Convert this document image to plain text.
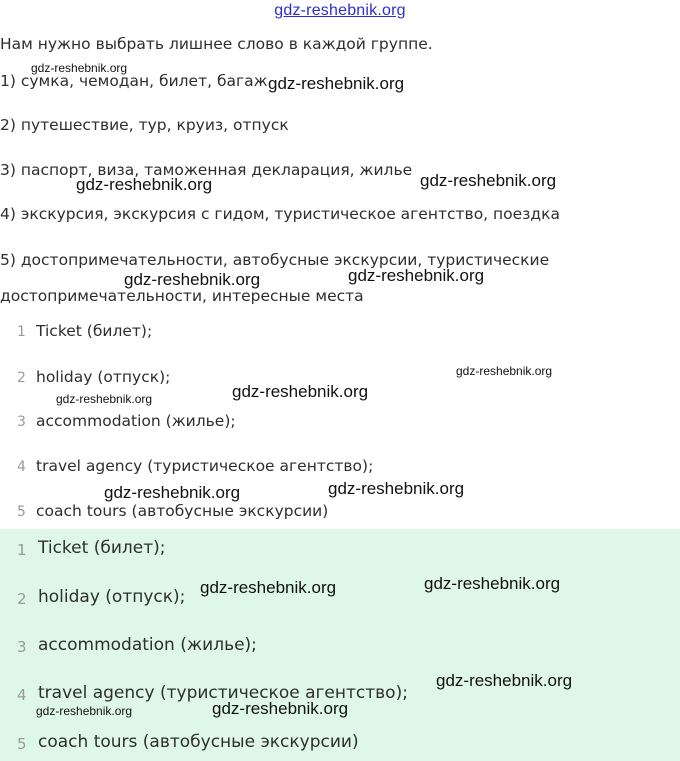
gdz-reshebnik.org
Нам нужно выбрать лишнее слово в каждой группе.
1) сумка, чемодан, билет, багаж
2) путешествие, тур, круиз, отпуск
3) паспорт, виза, таможенная декларация, жилье
4) экскурсия, экскурсия с гидом, туристическое агентство, поездка
5) достопримечательности, автобусные экскурсии, туристические
достопримечательности, интересные места
1 Ticket (билет);
2 holiday (отпуск);
3 accommodation (жилье);
4 travel agency (туристическое агентство);
5 coach tours (автобусные экскурсии)
1 Ticket (билет);
2 holiday (отпуск);
3 accommodation (жилье);
4 travel agency (туристическое агентство);
5 coach tours (автобусные экскурсии)
gdz-reshebnik.org
gdz-reshebnik.org
gdz-reshebnik.org	gdz-reshebnik.org
gdz-reshebnik.org	gdz-reshebnik.org
gdz-reshebnik.org
gdz-reshebnik.org	gdz-reshebnik.org
gdz-reshebnik.org	gdz-reshebnik.org
gdz-reshebnik.org	gdz-reshebnik.org
gdz-reshebnik.org
gdz-reshebnik.org	gdz-reshebnik.org
